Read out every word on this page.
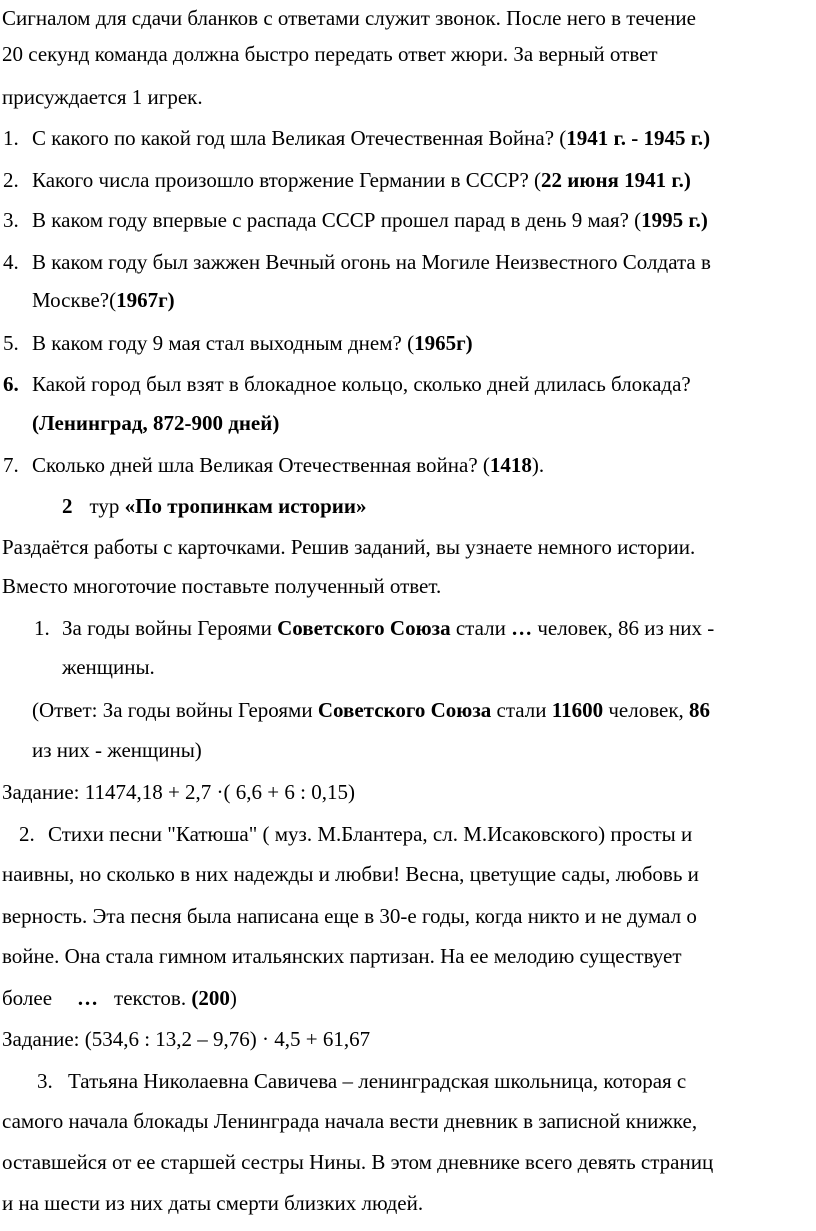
Сигналом для сдачи бланков с ответами служит звонок. После него в течение
20 секунд команда должна быстро передать ответ жюри. За верный ответ
присуждается 1 игрек.
1. С какого по какой год шла Великая Отечественная Война? (1941 г. - 1945 г.)
2. Какого числа произошло вторжение Германии в СССР? (22 июня 1941 г.)
3. В каком году впервые с распада СССР прошел парад в день 9 мая? (1995 г.)
4. В каком году был зажжен Вечный огонь на Могиле Неизвестного Солдата в
Москве?(1967г)
5. В каком году 9 мая стал выходным днем? (1965г)
6. Какой город был взят в блокадное кольцо, сколько дней длилась блокада?
(Ленинград, 872-900 дней)
7. Сколько дней шла Великая Отечественная война? (1418).
2 тур «По тропинкам истории»
Раздаётся работы с карточками. Решив заданий, вы узнаете немного истории.
Вместо многоточие поставьте полученный ответ.
1. За годы войны Героями Советского Союза стали … человек, 86 из них -
женщины.
(Ответ: За годы войны Героями Советского Союза стали 11600 человек, 86
из них - женщины)
Задание: 11474,18 + 2,7 ·( 6,6 + 6 : 0,15)
2. Стихи песни "Катюша" ( муз. М.Блантера, сл. М.Исаковского) просты и
наивны, но сколько в них надежды и любви! Весна, цветущие сады, любовь и
верность. Эта песня была написана еще в 30-е годы, когда никто и не думал о
войне. Она стала гимном итальянских партизан. На ее мелодию существует
более … текстов. (200)
Задание: (534,6 : 13,2 – 9,76) · 4,5 + 61,67
3. Татьяна Николаевна Савичева – ленинградская школьница, которая с
самого начала блокады Ленинграда начала вести дневник в записной книжке,
оставшейся от ее старшей сестры Нины. В этом дневнике всего девять страниц
и на шести из них даты смерти близких людей.
